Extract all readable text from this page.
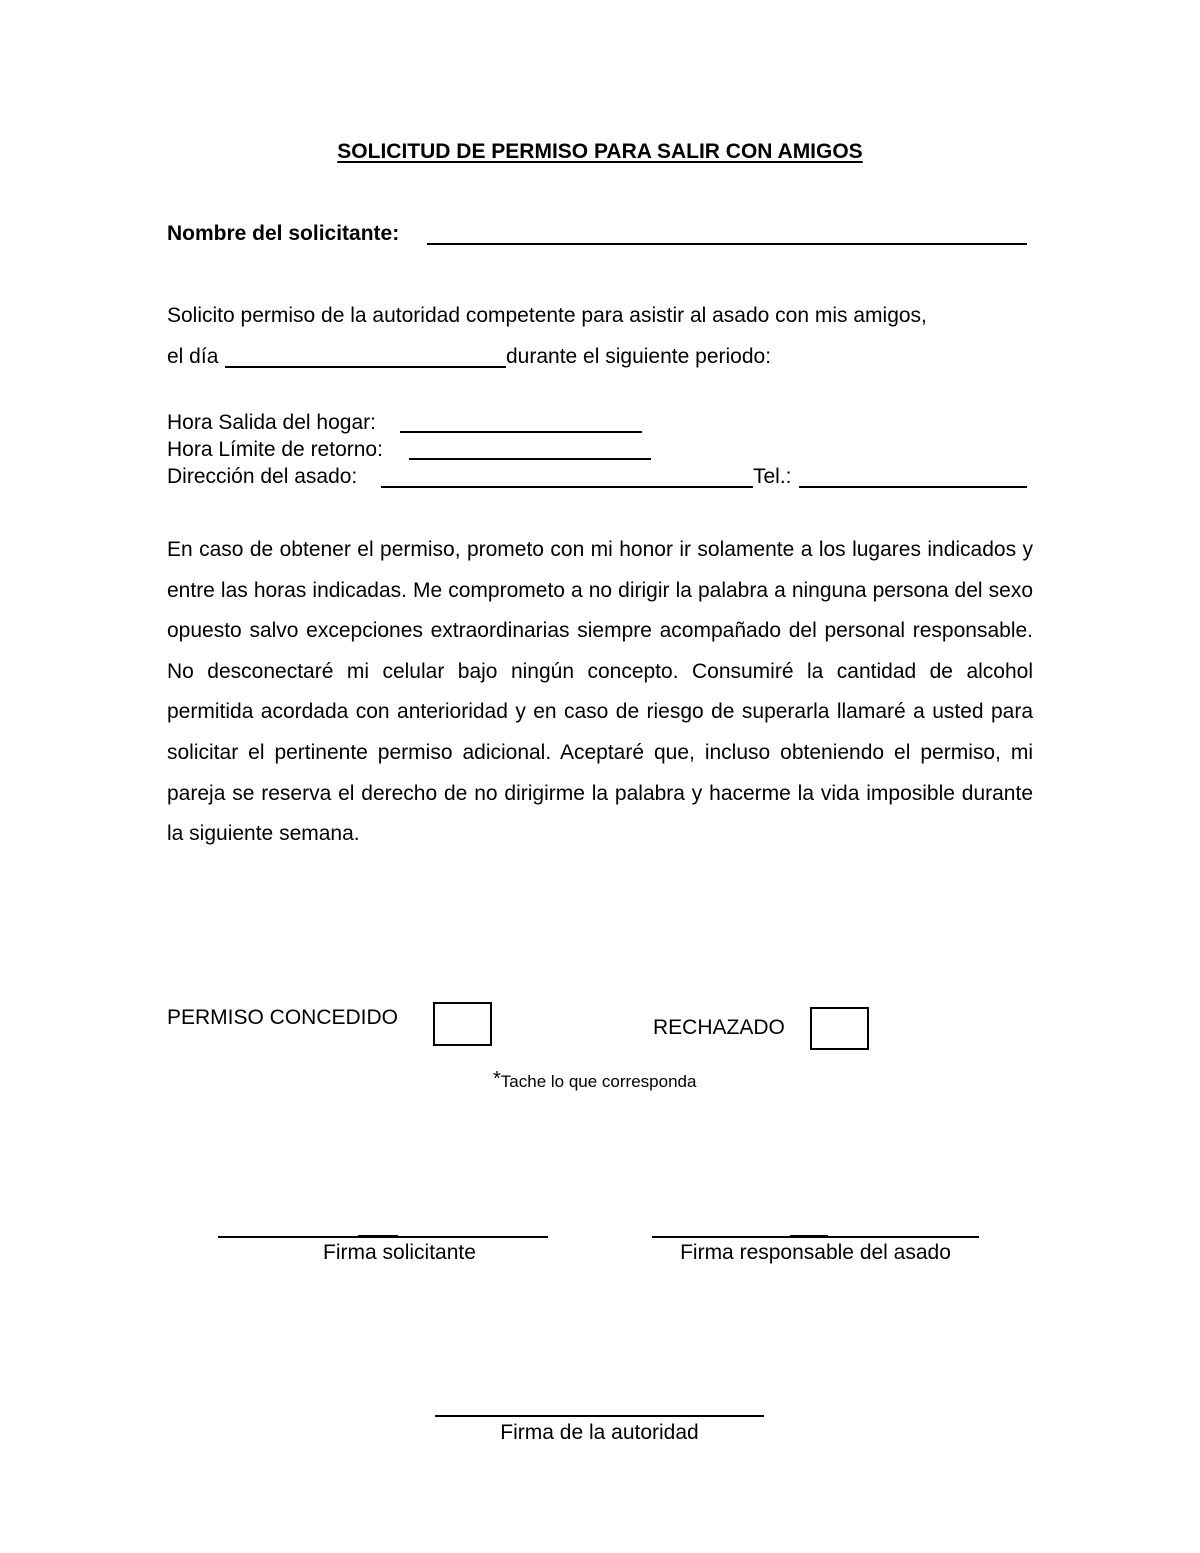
SOLICITUD DE PERMISO PARA SALIR CON AMIGOS
Nombre del solicitante:
Solicito permiso de la autoridad competente para asistir al asado con mis amigos,
el día	durante el siguiente periodo:
Hora Salida del hogar:
Hora Límite de retorno:
Dirección del asado:	Tel.:
En caso de obtener el permiso, prometo con mi honor ir solamente a los lugares indicados y entre las horas indicadas. Me comprometo a no dirigir la palabra a ninguna persona del sexo opuesto salvo excepciones extraordinarias siempre acompañado del personal responsable. No desconectaré mi celular bajo ningún concepto. Consumiré la cantidad de alcohol permitida acordada con anterioridad y en caso de riesgo de superarla llamaré a usted para solicitar el pertinente permiso adicional. Aceptaré que, incluso obteniendo el permiso, mi pareja se reserva el derecho de no dirigirme la palabra y hacerme la vida imposible durante la siguiente semana.
PERMISO CONCEDIDO	RECHAZADO
*Tache lo que corresponda
Firma solicitante	Firma responsable del asado
Firma de la autoridad
